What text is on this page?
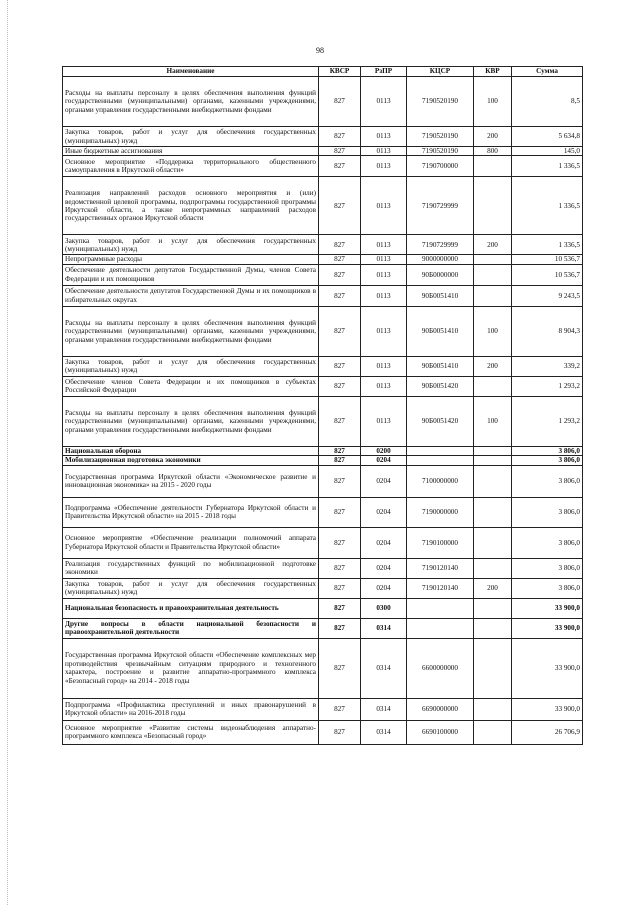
98
Наименование	КВСР	РзПР	КЦСР	КВР	Сумма
Расходы на выплаты персоналу в целях обеспечения выполнения функций государственными (муниципальными) органами, казенными учреждениями, органами управления государственными внебюджетными фондами	827	0113	7190520190	100	8,5
Закупка товаров, работ и услуг для обеспечения государственных (муниципальных) нужд	827	0113	7190520190	200	5 634,8
Иные бюджетные ассигнования	827	0113	7190520190	800	145,0
Основное мероприятие «Поддержка территориального общественного самоуправления в Иркутской области»	827	0113	7190700000		1 336,5
Реализация направлений расходов основного мероприятия и (или) ведомственной целевой программы, подпрограммы государственной программы Иркутской области, а также непрограммных направлений расходов государственных органов Иркутской области	827	0113	7190729999		1 336,5
Закупка товаров, работ и услуг для обеспечения государственных (муниципальных) нужд	827	0113	7190729999	200	1 336,5
Непрограммные расходы	827	0113	9000000000		10 536,7
Обеспечение деятельности депутатов Государственной Думы, членов Совета Федерации и их помощников	827	0113	90Б0000000		10 536,7
Обеспечение деятельности депутатов Государственной Думы и их помощников в избирательных округах	827	0113	90Б0051410		9 243,5
Расходы на выплаты персоналу в целях обеспечения выполнения функций государственными (муниципальными) органами, казенными учреждениями, органами управления государственными внебюджетными фондами	827	0113	90Б0051410	100	8 904,3
Закупка товаров, работ и услуг для обеспечения государственных (муниципальных) нужд	827	0113	90Б0051410	200	339,2
Обеспечение членов Совета Федерации и их помощников в субъектах Российской Федерации	827	0113	90Б0051420		1 293,2
Расходы на выплаты персоналу в целях обеспечения выполнения функций государственными (муниципальными) органами, казенными учреждениями, органами управления государственными внебюджетными фондами	827	0113	90Б0051420	100	1 293,2
Национальная оборона	827	0200			3 806,0
Мобилизационная подготовка экономики	827	0204			3 806,0
Государственная программа Иркутской области «Экономическое развитие и инновационная экономика» на 2015 - 2020 годы	827	0204	7100000000		3 806,0
Подпрограмма «Обеспечение деятельности Губернатора Иркутской области и Правительства Иркутской области» на 2015 - 2018 годы	827	0204	7190000000		3 806,0
Основное мероприятие «Обеспечение реализации полномочий аппарата Губернатора Иркутской области и Правительства Иркутской области»	827	0204	7190100000		3 806,0
Реализация государственных функций по мобилизационной подготовке экономики	827	0204	7190120140		3 806,0
Закупка товаров, работ и услуг для обеспечения государственных (муниципальных) нужд	827	0204	7190120140	200	3 806,0
Национальная безопасность и правоохранительная деятельность	827	0300			33 900,0
Другие вопросы в области национальной безопасности и правоохранительной деятельности	827	0314			33 900,0
Государственная программа Иркутской области «Обеспечение комплексных мер противодействия чрезвычайным ситуациям природного и техногенного характера, построение и развитие аппаратно-программного комплекса «Безопасный город» на 2014 - 2018 годы	827	0314	6600000000		33 900,0
Подпрограмма «Профилактика преступлений и иных правонарушений в Иркутской области» на 2016-2018 годы	827	0314	6690000000		33 900,0
Основное мероприятие «Развитие системы видеонаблюдения аппаратно-программного комплекса «Безопасный город»	827	0314	6690100000		26 706,9
